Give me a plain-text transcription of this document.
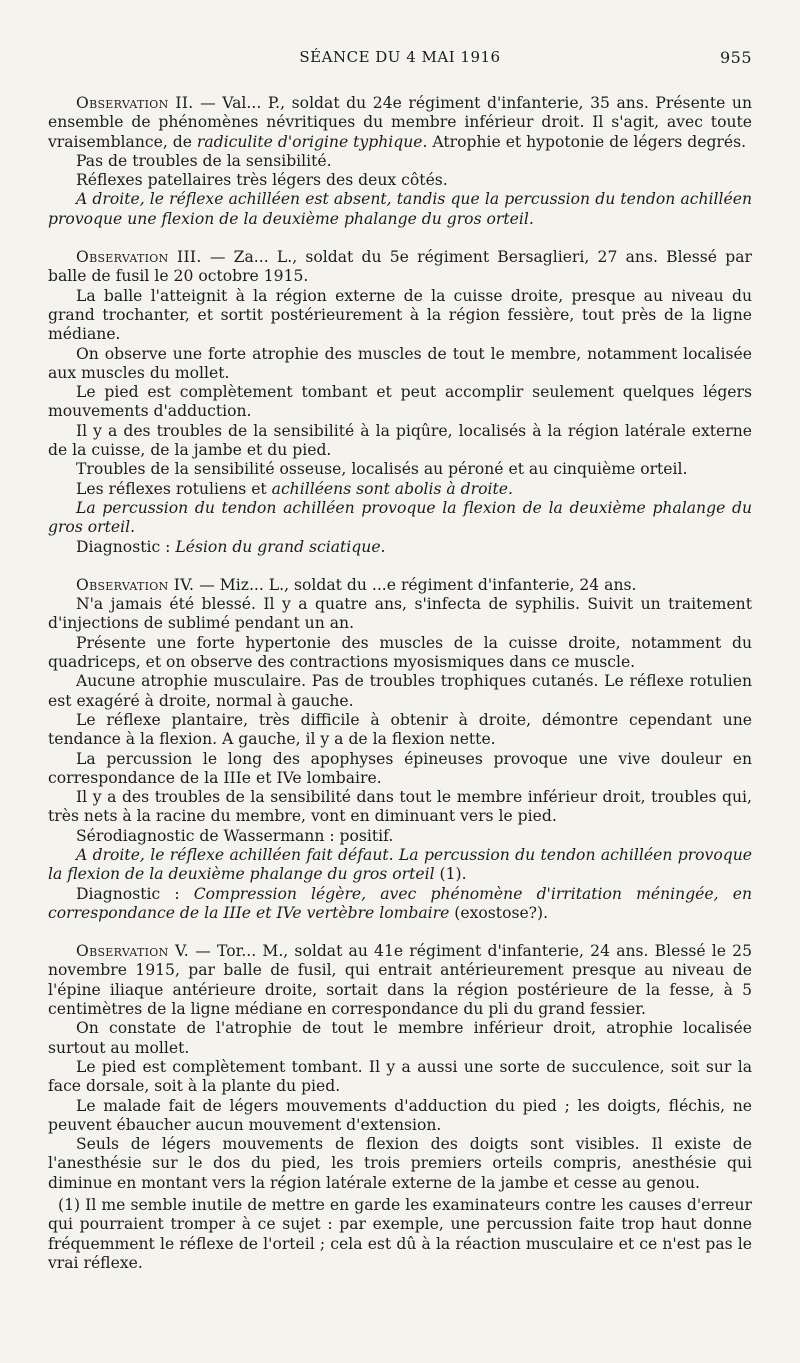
SÉANCE DU 4 MAI 1916	955

Observation II. — Val... P., soldat du 24e régiment d'infanterie, 35 ans. Présente un ensemble de phénomènes névritiques du membre inférieur droit. Il s'agit, avec toute vraisemblance, de radiculite d'origine typhique. Atrophie et hypotonie de légers degrés.

Pas de troubles de la sensibilité.

Réflexes patellaires très légers des deux côtés.

A droite, le réflexe achilléen est absent, tandis que la percussion du tendon achilléen provoque une flexion de la deuxième phalange du gros orteil.

Observation III. — Za... L., soldat du 5e régiment Bersaglieri, 27 ans. Blessé par balle de fusil le 20 octobre 1915.

La balle l'atteignit à la région externe de la cuisse droite, presque au niveau du grand trochanter, et sortit postérieurement à la région fessière, tout près de la ligne médiane.

On observe une forte atrophie des muscles de tout le membre, notamment localisée aux muscles du mollet.

Le pied est complètement tombant et peut accomplir seulement quelques légers mouvements d'adduction.

Il y a des troubles de la sensibilité à la piqûre, localisés à la région latérale externe de la cuisse, de la jambe et du pied.

Troubles de la sensibilité osseuse, localisés au péroné et au cinquième orteil.

Les réflexes rotuliens et achilléens sont abolis à droite.

La percussion du tendon achilléen provoque la flexion de la deuxième phalange du gros orteil.

Diagnostic : Lésion du grand sciatique.

Observation IV. — Miz... L., soldat du ...e régiment d'infanterie, 24 ans.

N'a jamais été blessé. Il y a quatre ans, s'infecta de syphilis. Suivit un traitement d'injections de sublimé pendant un an.

Présente une forte hypertonie des muscles de la cuisse droite, notamment du quadriceps, et on observe des contractions myosismiques dans ce muscle.

Aucune atrophie musculaire. Pas de troubles trophiques cutanés. Le réflexe rotulien est exagéré à droite, normal à gauche.

Le réflexe plantaire, très difficile à obtenir à droite, démontre cependant une tendance à la flexion. A gauche, il y a de la flexion nette.

La percussion le long des apophyses épineuses provoque une vive douleur en correspondance de la IIIe et IVe lombaire.

Il y a des troubles de la sensibilité dans tout le membre inférieur droit, troubles qui, très nets à la racine du membre, vont en diminuant vers le pied.

Sérodiagnostic de Wassermann : positif.

A droite, le réflexe achilléen fait défaut. La percussion du tendon achilléen provoque la flexion de la deuxième phalange du gros orteil (1).

Diagnostic : Compression légère, avec phénomène d'irritation méningée, en correspondance de la IIIe et IVe vertèbre lombaire (exostose?).

Observation V. — Tor... M., soldat au 41e régiment d'infanterie, 24 ans. Blessé le 25 novembre 1915, par balle de fusil, qui entrait antérieurement presque au niveau de l'épine iliaque antérieure droite, sortait dans la région postérieure de la fesse, à 5 centimètres de la ligne médiane en correspondance du pli du grand fessier.

On constate de l'atrophie de tout le membre inférieur droit, atrophie localisée surtout au mollet.

Le pied est complètement tombant. Il y a aussi une sorte de succulence, soit sur la face dorsale, soit à la plante du pied.

Le malade fait de légers mouvements d'adduction du pied ; les doigts, fléchis, ne peuvent ébaucher aucun mouvement d'extension.

Seuls de légers mouvements de flexion des doigts sont visibles. Il existe de l'anesthésie sur le dos du pied, les trois premiers orteils compris, anesthésie qui diminue en montant vers la région latérale externe de la jambe et cesse au genou.

(1) Il me semble inutile de mettre en garde les examinateurs contre les causes d'erreur qui pourraient tromper à ce sujet : par exemple, une percussion faite trop haut donne fréquemment le réflexe de l'orteil ; cela est dû à la réaction musculaire et ce n'est pas le vrai réflexe.
